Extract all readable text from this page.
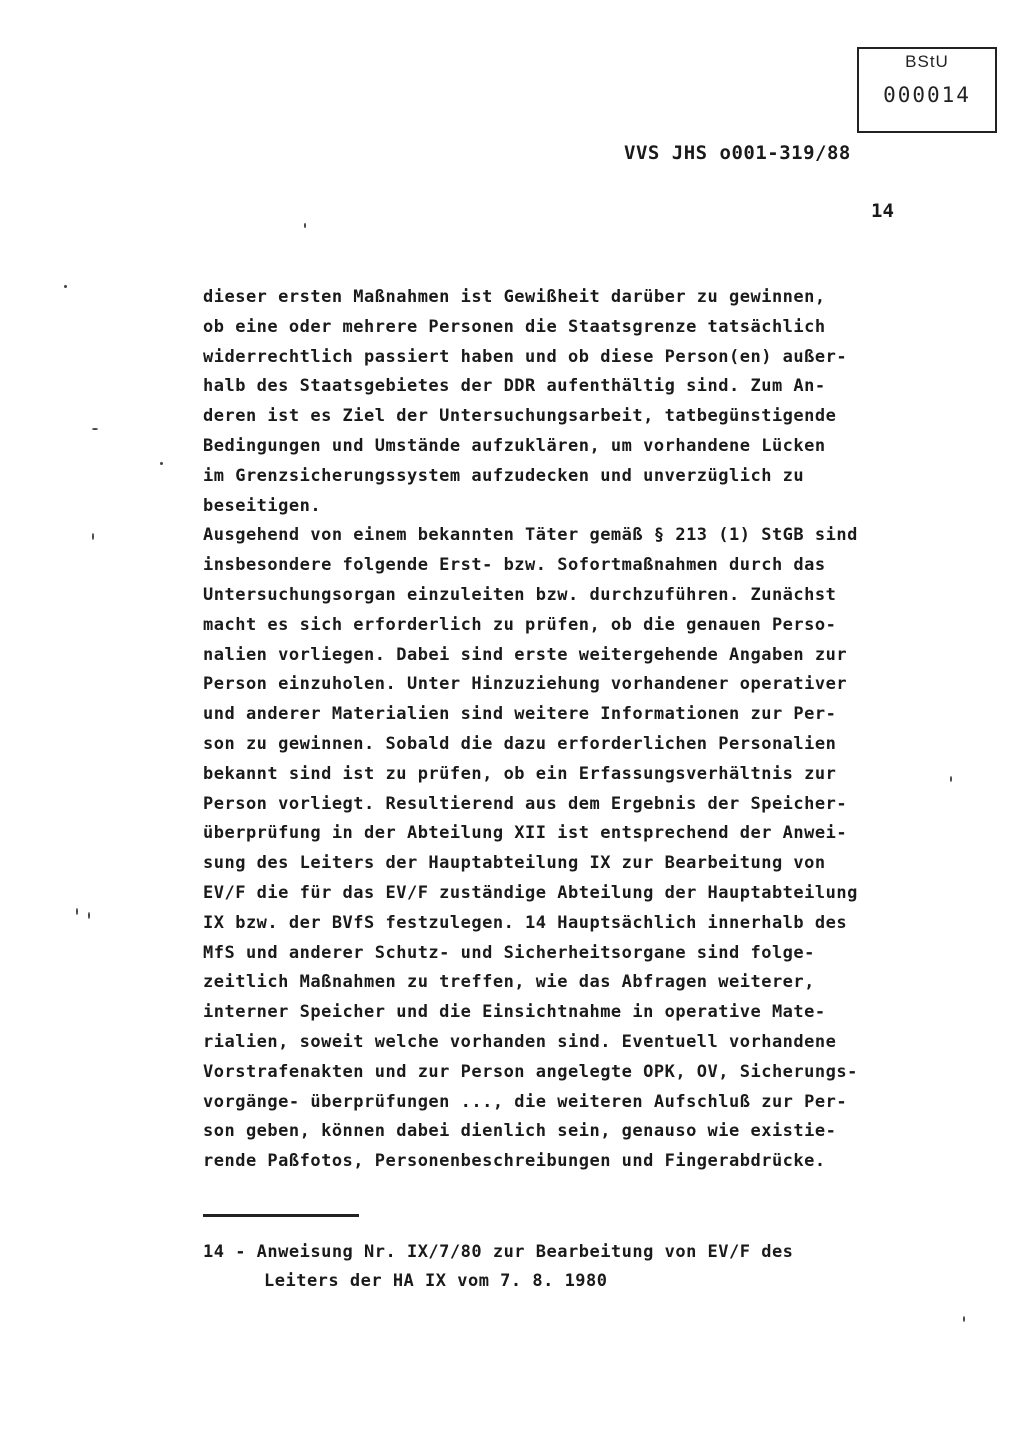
BStU
000014
VVS JHS o001-319/88
14
dieser ersten Maßnahmen ist Gewißheit darüber zu gewinnen,
ob eine oder mehrere Personen die Staatsgrenze tatsächlich
widerrechtlich passiert haben und ob diese Person(en) außer-
halb des Staatsgebietes der DDR aufenthältig sind. Zum An-
deren ist es Ziel der Untersuchungsarbeit, tatbegünstigende
Bedingungen und Umstände aufzuklären, um vorhandene Lücken
im Grenzsicherungssystem aufzudecken und unverzüglich zu
beseitigen.
Ausgehend von einem bekannten Täter gemäß § 213 (1) StGB sind
insbesondere folgende Erst- bzw. Sofortmaßnahmen durch das
Untersuchungsorgan einzuleiten bzw. durchzuführen. Zunächst
macht es sich erforderlich zu prüfen, ob die genauen Perso-
nalien vorliegen. Dabei sind erste weitergehende Angaben zur
Person einzuholen. Unter Hinzuziehung vorhandener operativer
und anderer Materialien sind weitere Informationen zur Per-
son zu gewinnen. Sobald die dazu erforderlichen Personalien
bekannt sind ist zu prüfen, ob ein Erfassungsverhältnis zur
Person vorliegt. Resultierend aus dem Ergebnis der Speicher-
überprüfung in der Abteilung XII ist entsprechend der Anwei-
sung des Leiters der Hauptabteilung IX zur Bearbeitung von
EV/F die für das EV/F zuständige Abteilung der Hauptabteilung
IX bzw. der BVfS festzulegen. 14 Hauptsächlich innerhalb des
MfS und anderer Schutz- und Sicherheitsorgane sind folge-
zeitlich Maßnahmen zu treffen, wie das Abfragen weiterer,
interner Speicher und die Einsichtnahme in operative Mate-
rialien, soweit welche vorhanden sind. Eventuell vorhandene
Vorstrafenakten und zur Person angelegte OPK, OV, Sicherungs-
vorgänge- überprüfungen ..., die weiteren Aufschluß zur Per-
son geben, können dabei dienlich sein, genauso wie existie-
rende Paßfotos, Personenbeschreibungen und Fingerabdrücke.
14 - Anweisung Nr. IX/7/80 zur Bearbeitung von EV/F des
Leiters der HA IX vom 7. 8. 1980
